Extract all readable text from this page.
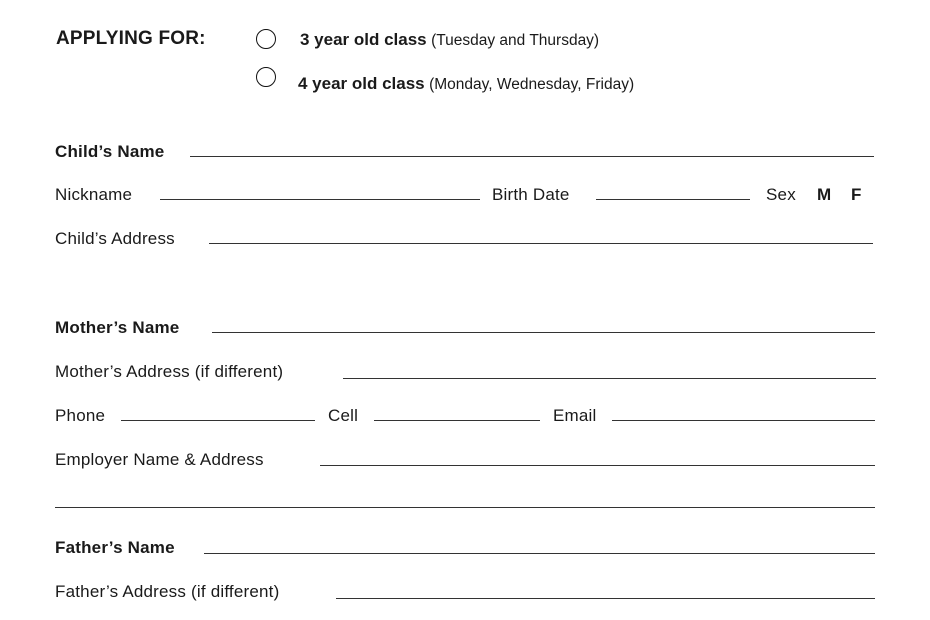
APPLYING FOR:	3 year old class (Tuesday and Thursday)
4 year old class (Monday, Wednesday, Friday)
Child’s Name
Nickname	Birth Date	Sex M F
Child’s Address
Mother’s Name
Mother’s Address (if different)
Phone	Cell	Email
Employer Name & Address
Father’s Name
Father’s Address (if different)
